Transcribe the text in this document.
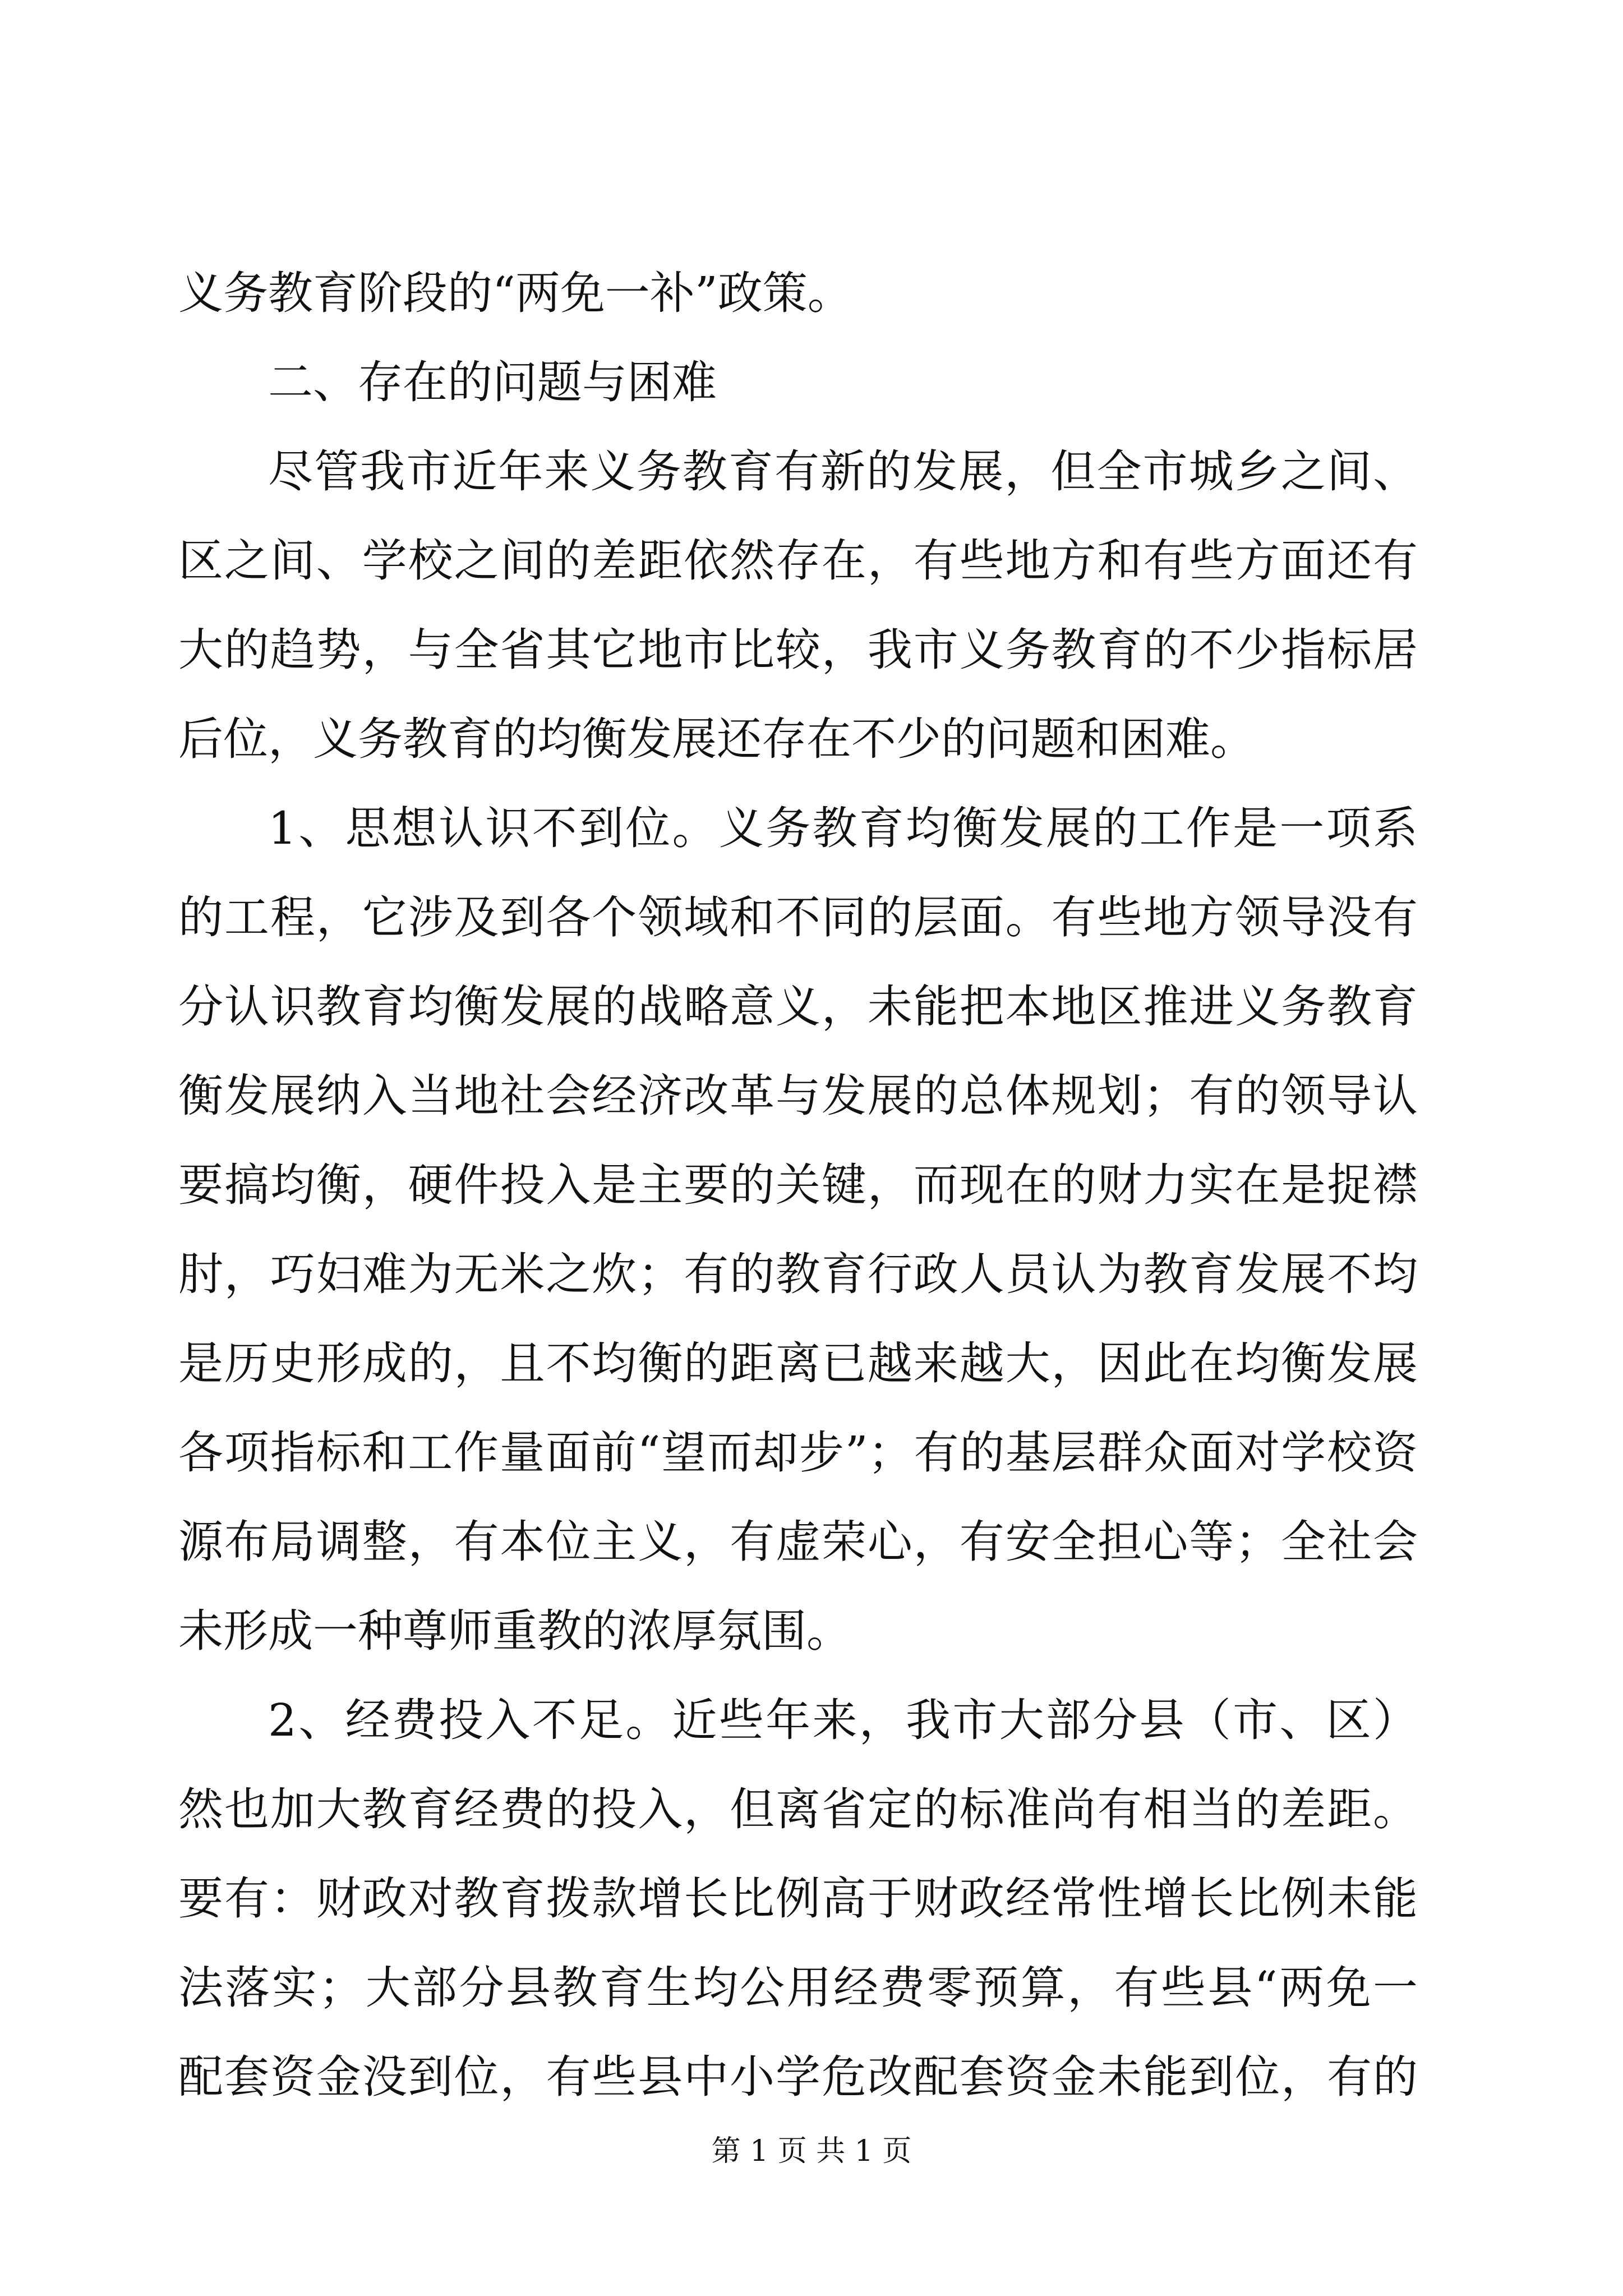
义务教育阶段的“两免一补”政策。

二、存在的问题与困难

尽管我市近年来义务教育有新的发展，但全市城乡之间、

区之间、学校之间的差距依然存在，有些地方和有些方面还有

大的趋势，与全省其它地市比较，我市义务教育的不少指标居

后位，义务教育的均衡发展还存在不少的问题和困难。

1、思想认识不到位。义务教育均衡发展的工作是一项系

的工程，它涉及到各个领域和不同的层面。有些地方领导没有

分认识教育均衡发展的战略意义，未能把本地区推进义务教育

衡发展纳入当地社会经济改革与发展的总体规划；有的领导认

要搞均衡，硬件投入是主要的关键，而现在的财力实在是捉襟

肘，巧妇难为无米之炊；有的教育行政人员认为教育发展不均

是历史形成的，且不均衡的距离已越来越大，因此在均衡发展

各项指标和工作量面前“望而却步”；有的基层群众面对学校资

源布局调整，有本位主义，有虚荣心，有安全担心等；全社会

未形成一种尊师重教的浓厚氛围。

2、经费投入不足。近些年来，我市大部分县（市、区）

然也加大教育经费的投入，但离省定的标准尚有相当的差距。

要有：财政对教育拨款增长比例高于财政经常性增长比例未能

法落实；大部分县教育生均公用经费零预算，有些县“两免一

配套资金没到位，有些县中小学危改配套资金未能到位，有的

第 1 页 共 1 页
